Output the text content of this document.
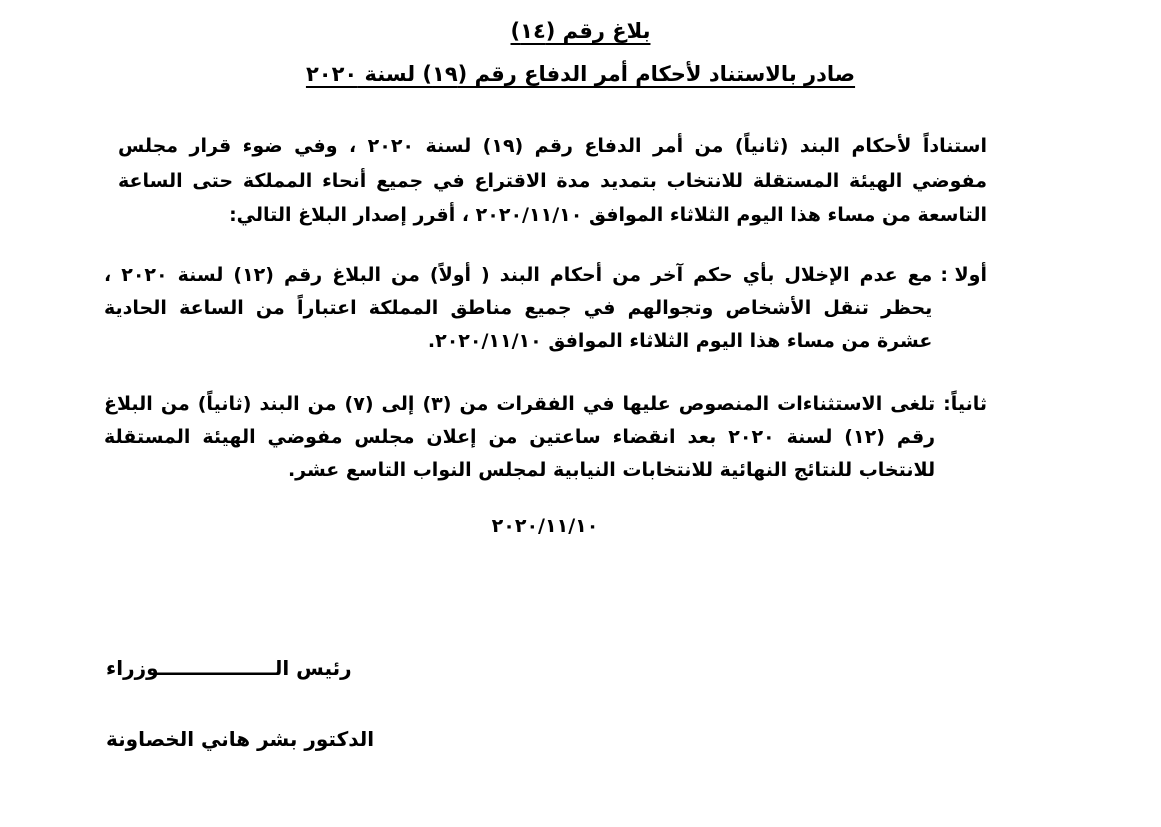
بلاغ رقم (١٤)
صادر بالاستناد لأحكام أمر الدفاع رقم (١٩) لسنة ٢٠٢٠
استناداً لأحكام البند (ثانياً) من أمر الدفاع رقم (١٩) لسنة ٢٠٢٠ ، وفي ضوء قرار مجلس مفوضي الهيئة المستقلة للانتخاب بتمديد مدة الاقتراع في جميع أنحاء المملكة حتى الساعة التاسعة من مساء هذا اليوم الثلاثاء الموافق ٢٠٢٠/١١/١٠ ، أقرر إصدار البلاغ التالي:
أولا :
مع عدم الإخلال بأي حكم آخر من أحكام البند ( أولاً) من البلاغ رقم (١٢) لسنة ٢٠٢٠ ، يحظر تنقل الأشخاص وتجوالهم في جميع مناطق المملكة اعتباراً من الساعة الحادية عشرة من مساء هذا اليوم الثلاثاء الموافق ٢٠٢٠/١١/١٠.
ثانياً:
تلغى الاستثناءات المنصوص عليها في الفقرات من (٣) إلى (٧) من البند (ثانياً) من البلاغ رقم (١٢) لسنة ٢٠٢٠ بعد انقضاء ساعتين من إعلان مجلس مفوضي الهيئة المستقلة للانتخاب للنتائج النهائية للانتخابات النيابية لمجلس النواب التاسع عشر.
٢٠٢٠/١١/١٠
رئيس الـــــــــــــــــوزراء
الدكتور بشر هاني الخصاونة
